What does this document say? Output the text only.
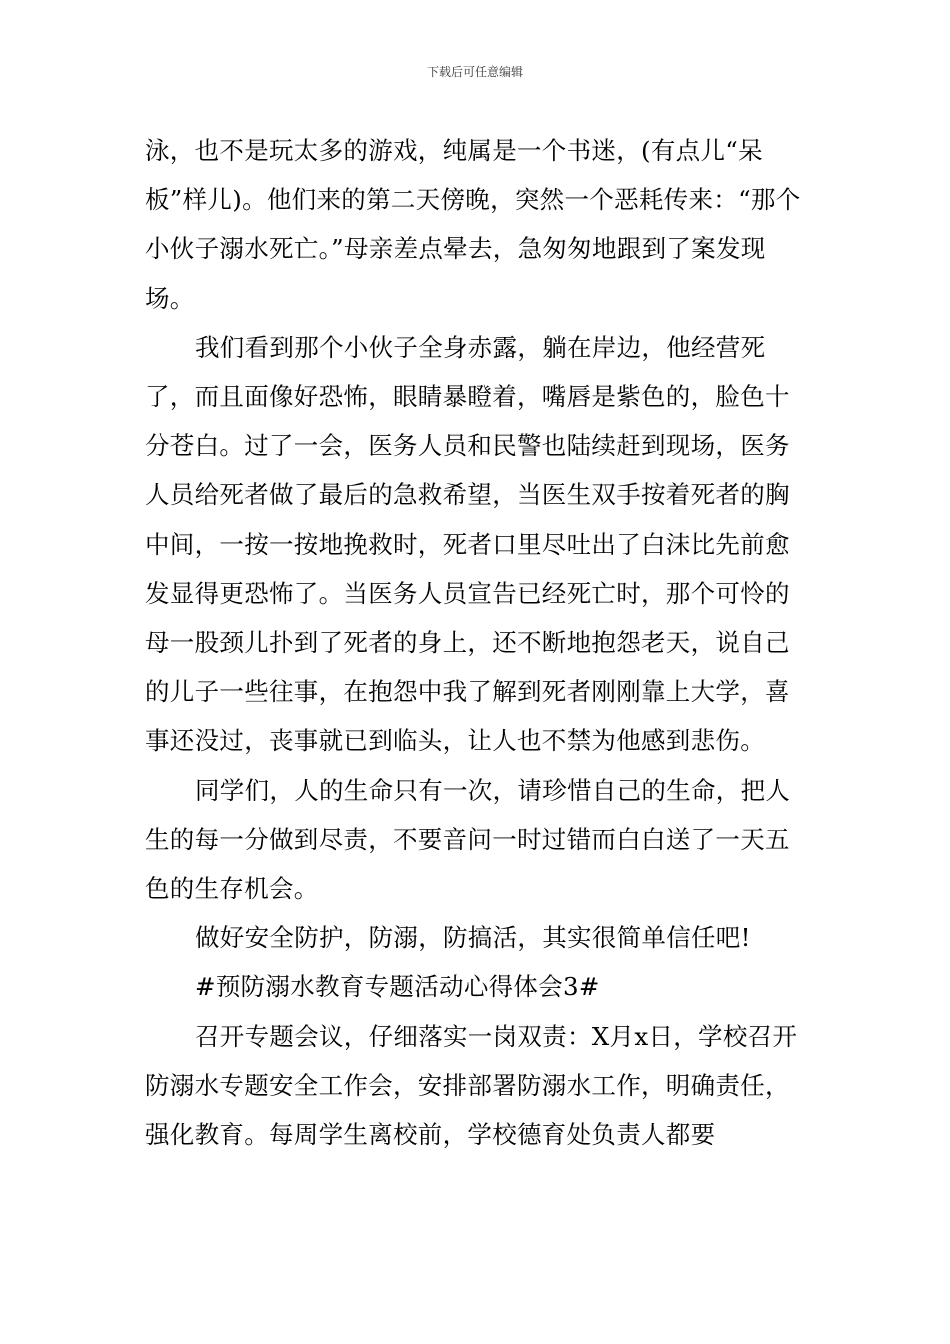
下载后可任意编辑

泳，也不是玩太多的游戏，纯属是一个书迷，(有点儿“呆板”样儿)。他们来的第二天傍晚，突然一个恶耗传来：“那个小伙子溺水死亡。”母亲差点晕去，急匆匆地跟到了案发现场。

我们看到那个小伙子全身赤露，躺在岸边，他经营死了，而且面像好恐怖，眼睛暴瞪着，嘴唇是紫色的，脸色十分苍白。过了一会，医务人员和民警也陆续赶到现场，医务人员给死者做了最后的急救希望，当医生双手按着死者的胸中间，一按一按地挽救时，死者口里尽吐出了白沫比先前愈发显得更恐怖了。当医务人员宣告已经死亡时，那个可怜的母一股颈儿扑到了死者的身上，还不断地抱怨老天，说自己的儿子一些往事，在抱怨中我了解到死者刚刚靠上大学，喜事还没过，丧事就已到临头，让人也不禁为他感到悲伤。

同学们，人的生命只有一次，请珍惜自己的生命，把人生的每一分做到尽责，不要音问一时过错而白白送了一天五色的生存机会。

做好安全防护，防溺，防搞活，其实很简单信任吧!

#预防溺水教育专题活动心得体会3#

召开专题会议，仔细落实一岗双责：X月x日，学校召开防溺水专题安全工作会，安排部署防溺水工作，明确责任，强化教育。每周学生离校前，学校德育处负责人都要
